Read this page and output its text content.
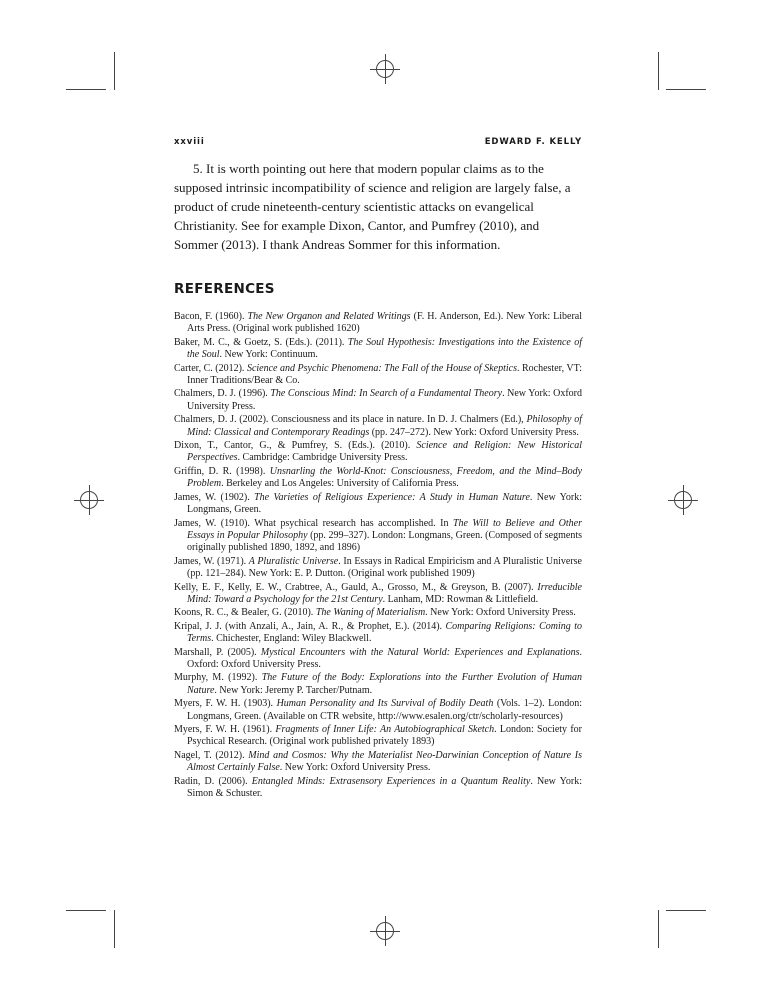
xxviii	EDWARD F. KELLY

5. It is worth pointing out here that modern popular claims as to the supposed intrinsic incompatibility of science and religion are largely false, a product of crude nineteenth-century scientistic attacks on evangelical Christianity. See for example Dixon, Cantor, and Pumfrey (2010), and Sommer (2013). I thank Andreas Sommer for this information.

REFERENCES
Bacon, F. (1960). The New Organon and Related Writings (F. H. Anderson, Ed.). New York: Liberal Arts Press. (Original work published 1620)
Baker, M. C., & Goetz, S. (Eds.). (2011). The Soul Hypothesis: Investigations into the Existence of the Soul. New York: Continuum.
Carter, C. (2012). Science and Psychic Phenomena: The Fall of the House of Skeptics. Rochester, VT: Inner Traditions/Bear & Co.
Chalmers, D. J. (1996). The Conscious Mind: In Search of a Fundamental Theory. New York: Oxford University Press.
Chalmers, D. J. (2002). Consciousness and its place in nature. In D. J. Chalmers (Ed.), Philosophy of Mind: Classical and Contemporary Readings (pp. 247–272). New York: Oxford University Press.
Dixon, T., Cantor, G., & Pumfrey, S. (Eds.). (2010). Science and Religion: New Historical Perspectives. Cambridge: Cambridge University Press.
Griffin, D. R. (1998). Unsnarling the World-Knot: Consciousness, Freedom, and the Mind–Body Problem. Berkeley and Los Angeles: University of California Press.
James, W. (1902). The Varieties of Religious Experience: A Study in Human Nature. New York: Longmans, Green.
James, W. (1910). What psychical research has accomplished. In The Will to Believe and Other Essays in Popular Philosophy (pp. 299–327). London: Longmans, Green. (Composed of segments originally published 1890, 1892, and 1896)
James, W. (1971). A Pluralistic Universe. In Essays in Radical Empiricism and A Pluralistic Universe (pp. 121–284). New York: E. P. Dutton. (Original work published 1909)
Kelly, E. F., Kelly, E. W., Crabtree, A., Gauld, A., Grosso, M., & Greyson, B. (2007). Irreducible Mind: Toward a Psychology for the 21st Century. Lanham, MD: Rowman & Littlefield.
Koons, R. C., & Bealer, G. (2010). The Waning of Materialism. New York: Oxford University Press.
Kripal, J. J. (with Anzali, A., Jain, A. R., & Prophet, E.). (2014). Comparing Religions: Coming to Terms. Chichester, England: Wiley Blackwell.
Marshall, P. (2005). Mystical Encounters with the Natural World: Experiences and Explanations. Oxford: Oxford University Press.
Murphy, M. (1992). The Future of the Body: Explorations into the Further Evolution of Human Nature. New York: Jeremy P. Tarcher/Putnam.
Myers, F. W. H. (1903). Human Personality and Its Survival of Bodily Death (Vols. 1–2). London: Longmans, Green. (Available on CTR website, http://www.esalen.org/ctr/scholarly-resources)
Myers, F. W. H. (1961). Fragments of Inner Life: An Autobiographical Sketch. London: Society for Psychical Research. (Original work published privately 1893)
Nagel, T. (2012). Mind and Cosmos: Why the Materialist Neo-Darwinian Conception of Nature Is Almost Certainly False. New York: Oxford University Press.
Radin, D. (2006). Entangled Minds: Extrasensory Experiences in a Quantum Reality. New York: Simon & Schuster.
